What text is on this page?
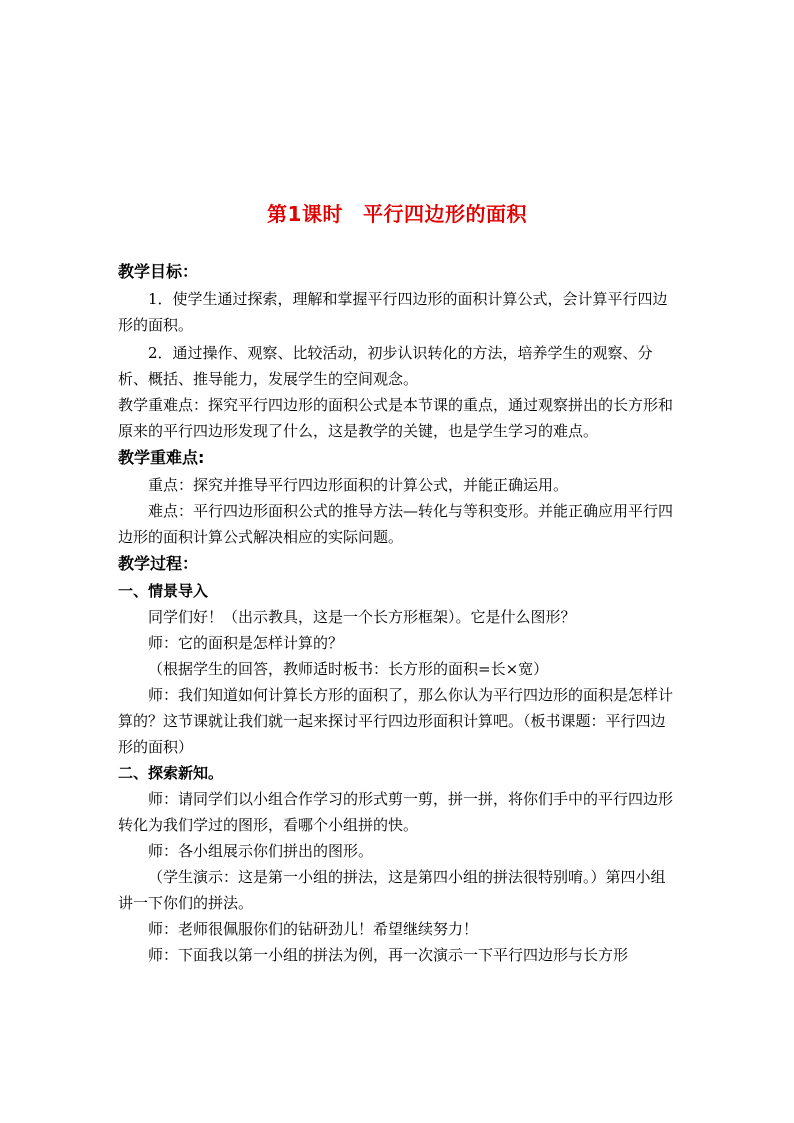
第1课时 平行四边形的面积

教学目标：

1．使学生通过探索，理解和掌握平行四边形的面积计算公式，会计算平行四边形的面积。

2．通过操作、观察、比较活动，初步认识转化的方法，培养学生的观察、分析、概括、推导能力，发展学生的空间观念。

教学重难点：探究平行四边形的面积公式是本节课的重点，通过观察拼出的长方形和原来的平行四边形发现了什么，这是教学的关键，也是学生学习的难点。

教学重难点:

重点：探究并推导平行四边形面积的计算公式，并能正确运用。

难点：平行四边形面积公式的推导方法—转化与等积变形。并能正确应用平行四边形的面积计算公式解决相应的实际问题。

教学过程：

一、情景导入

同学们好！（出示教具，这是一个长方形框架）。它是什么图形？

师：它的面积是怎样计算的？

（根据学生的回答，教师适时板书：长方形的面积=长×宽）

师：我们知道如何计算长方形的面积了，那么你认为平行四边形的面积是怎样计算的？这节课就让我们就一起来探讨平行四边形面积计算吧。（板书课题：平行四边形的面积）

二、探索新知。

师：请同学们以小组合作学习的形式剪一剪，拼一拼，将你们手中的平行四边形转化为我们学过的图形，看哪个小组拼的快。

师：各小组展示你们拼出的图形。

（学生演示：这是第一小组的拼法，这是第四小组的拼法很特别唷。）第四小组讲一下你们的拼法。

师：老师很佩服你们的钻研劲儿！希望继续努力！

师：下面我以第一小组的拼法为例，再一次演示一下平行四边形与长方形
